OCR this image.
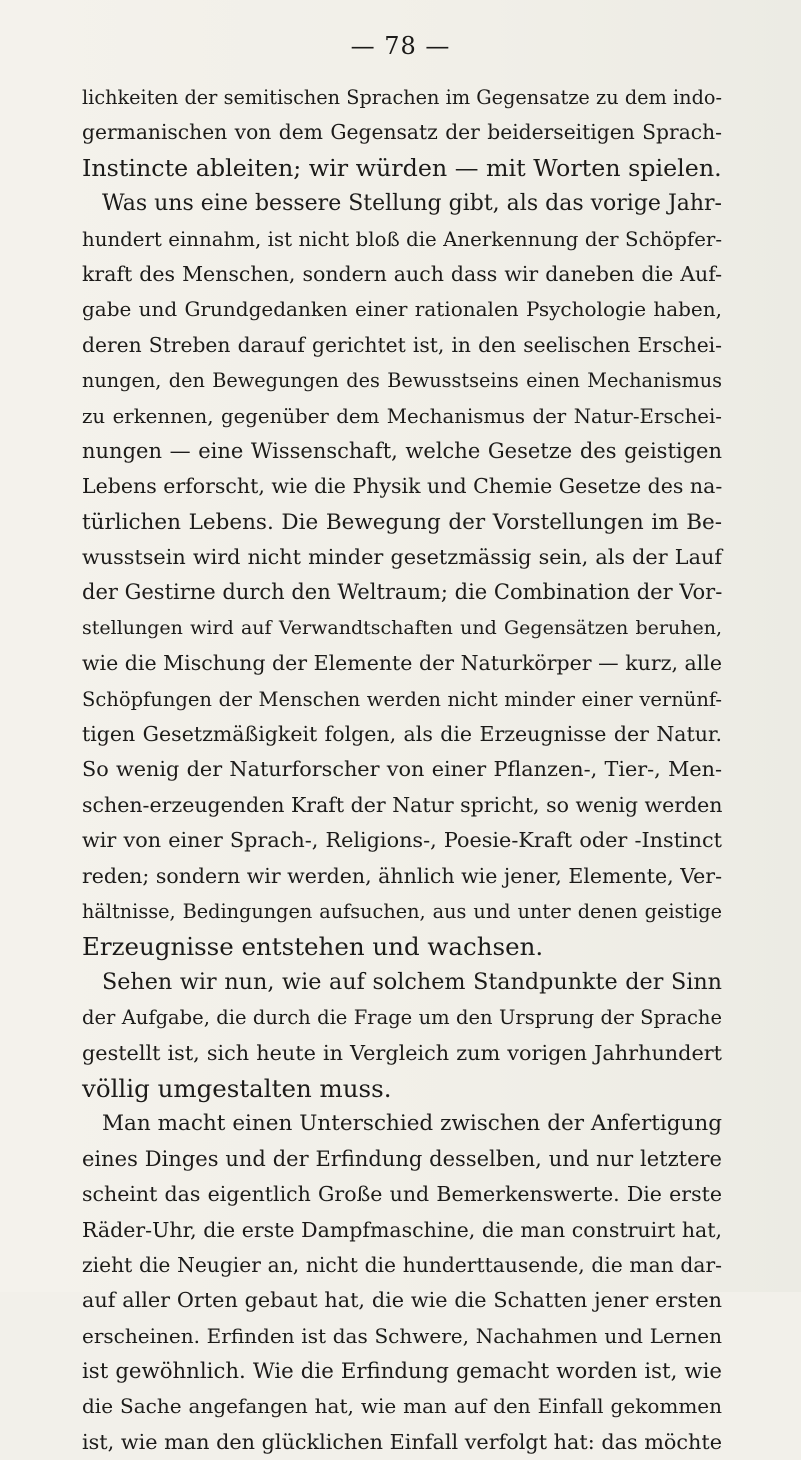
— 78 —
lichkeiten der semitischen Sprachen im Gegensatze zu dem indo-
germanischen von dem Gegensatz der beiderseitigen Sprach-
Instincte ableiten; wir würden — mit Worten spielen.
Was uns eine bessere Stellung gibt, als das vorige Jahr-
hundert einnahm, ist nicht bloß die Anerkennung der Schöpfer-
kraft des Menschen, sondern auch dass wir daneben die Auf-
gabe und Grundgedanken einer rationalen Psychologie haben,
deren Streben darauf gerichtet ist, in den seelischen Erschei-
nungen, den Bewegungen des Bewusstseins einen Mechanismus
zu erkennen, gegenüber dem Mechanismus der Natur-Erschei-
nungen — eine Wissenschaft, welche Gesetze des geistigen
Lebens erforscht, wie die Physik und Chemie Gesetze des na-
türlichen Lebens. Die Bewegung der Vorstellungen im Be-
wusstsein wird nicht minder gesetzmässig sein, als der Lauf
der Gestirne durch den Weltraum; die Combination der Vor-
stellungen wird auf Verwandtschaften und Gegensätzen beruhen,
wie die Mischung der Elemente der Naturkörper — kurz, alle
Schöpfungen der Menschen werden nicht minder einer vernünf-
tigen Gesetzmäßigkeit folgen, als die Erzeugnisse der Natur.
So wenig der Naturforscher von einer Pflanzen-, Tier-, Men-
schen-erzeugenden Kraft der Natur spricht, so wenig werden
wir von einer Sprach-, Religions-, Poesie-Kraft oder -Instinct
reden; sondern wir werden, ähnlich wie jener, Elemente, Ver-
hältnisse, Bedingungen aufsuchen, aus und unter denen geistige
Erzeugnisse entstehen und wachsen.
Sehen wir nun, wie auf solchem Standpunkte der Sinn
der Aufgabe, die durch die Frage um den Ursprung der Sprache
gestellt ist, sich heute in Vergleich zum vorigen Jahrhundert
völlig umgestalten muss.
Man macht einen Unterschied zwischen der Anfertigung
eines Dinges und der Erfindung desselben, und nur letztere
scheint das eigentlich Große und Bemerkenswerte. Die erste
Räder-Uhr, die erste Dampfmaschine, die man construirt hat,
zieht die Neugier an, nicht die hunderttausende, die man dar-
auf aller Orten gebaut hat, die wie die Schatten jener ersten
erscheinen. Erfinden ist das Schwere, Nachahmen und Lernen
ist gewöhnlich. Wie die Erfindung gemacht worden ist, wie
die Sache angefangen hat, wie man auf den Einfall gekommen
ist, wie man den glücklichen Einfall verfolgt hat: das möchte
